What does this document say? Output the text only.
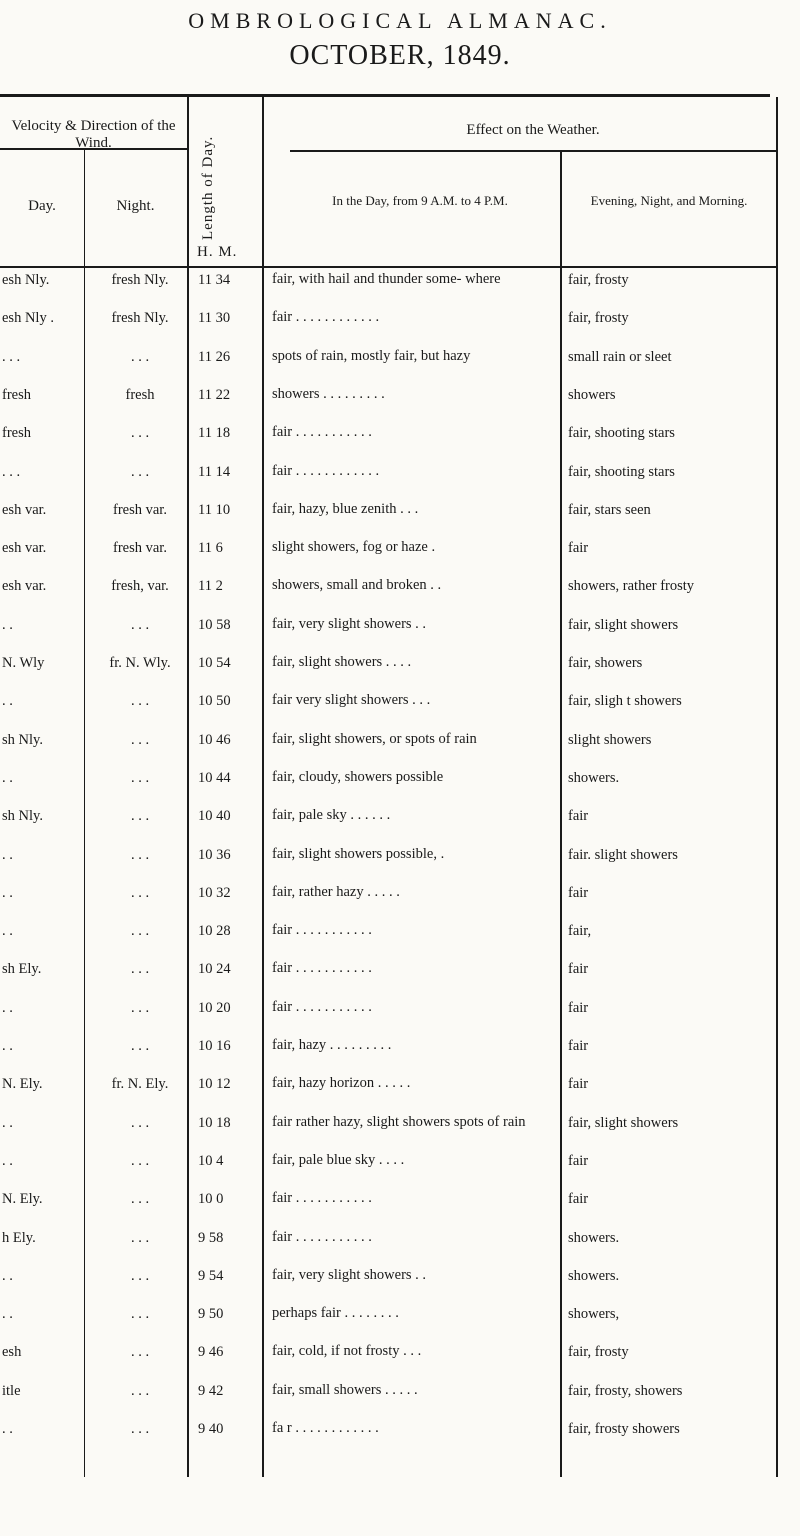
OMBROLOGICAL ALMANAC.
OCTOBER, 1849.
Velocity & Direction of the Wind.
Day.	Night.	Length of Day.
H. M.
Effect on the Weather.
In the Day, from 9 A.M. to 4 P.M.	Evening, Night, and Morning.
esh Nly.	fresh Nly.	11 34	fair, with hail and thunder some- where	fair, frosty
esh Nly .	fresh Nly.	11 30	fair . . . . . . . . . . . .	fair, frosty
. . .	. . .	11 26	spots of rain, mostly fair, but hazy	small rain or sleet
fresh	fresh	11 22	showers . . . . . . . . .	showers
fresh	. . .	11 18	fair . . . . . . . . . . .	fair, shooting stars
. . .	. . .	11 14	fair . . . . . . . . . . . .	fair, shooting stars
esh var.	fresh var.	11 10	fair, hazy, blue zenith . . .	fair, stars seen
esh var.	fresh var.	11 6	slight showers, fog or haze .	fair
esh var.	fresh, var.	11 2	showers, small and broken . .	showers, rather frosty
. .	. . .	10 58	fair, very slight showers . .	fair, slight showers
N. Wly	fr. N. Wly.	10 54	fair, slight showers . . . .	fair, showers
. .	. . .	10 50	fair very slight showers . . .	fair, sligh t showers
sh Nly.	. . .	10 46	fair, slight showers, or spots of rain	slight showers
. .	. . .	10 44	fair, cloudy, showers possible	showers.
sh Nly.	. . .	10 40	fair, pale sky . . . . . .	fair
. .	. . .	10 36	fair, slight showers possible, .	fair. slight showers
. .	. . .	10 32	fair, rather hazy . . . . .	fair
. .	. . .	10 28	fair . . . . . . . . . . .	fair,
sh Ely.	. . .	10 24	fair . . . . . . . . . . .	fair
. .	. . .	10 20	fair . . . . . . . . . . .	fair
. .	. . .	10 16	fair, hazy . . . . . . . . .	fair
N. Ely.	fr. N. Ely.	10 12	fair, hazy horizon . . . . .	fair
. .	. . .	10 18	fair rather hazy, slight showers spots of rain	fair, slight showers
. .	. . .	10 4	fair, pale blue sky . . . .	fair
N. Ely.	. . .	10 0	fair . . . . . . . . . . .	fair
h Ely.	. . .	9 58	fair . . . . . . . . . . .	showers.
. .	. . .	9 54	fair, very slight showers . .	showers.
. .	. . .	9 50	perhaps fair . . . . . . . .	showers,
esh	. . .	9 46	fair, cold, if not frosty . . .	fair, frosty
itle	. . .	9 42	fair, small showers . . . . .	fair, frosty, showers
. .	. . .	9 40	fa r . . . . . . . . . . . .	fair, frosty showers
